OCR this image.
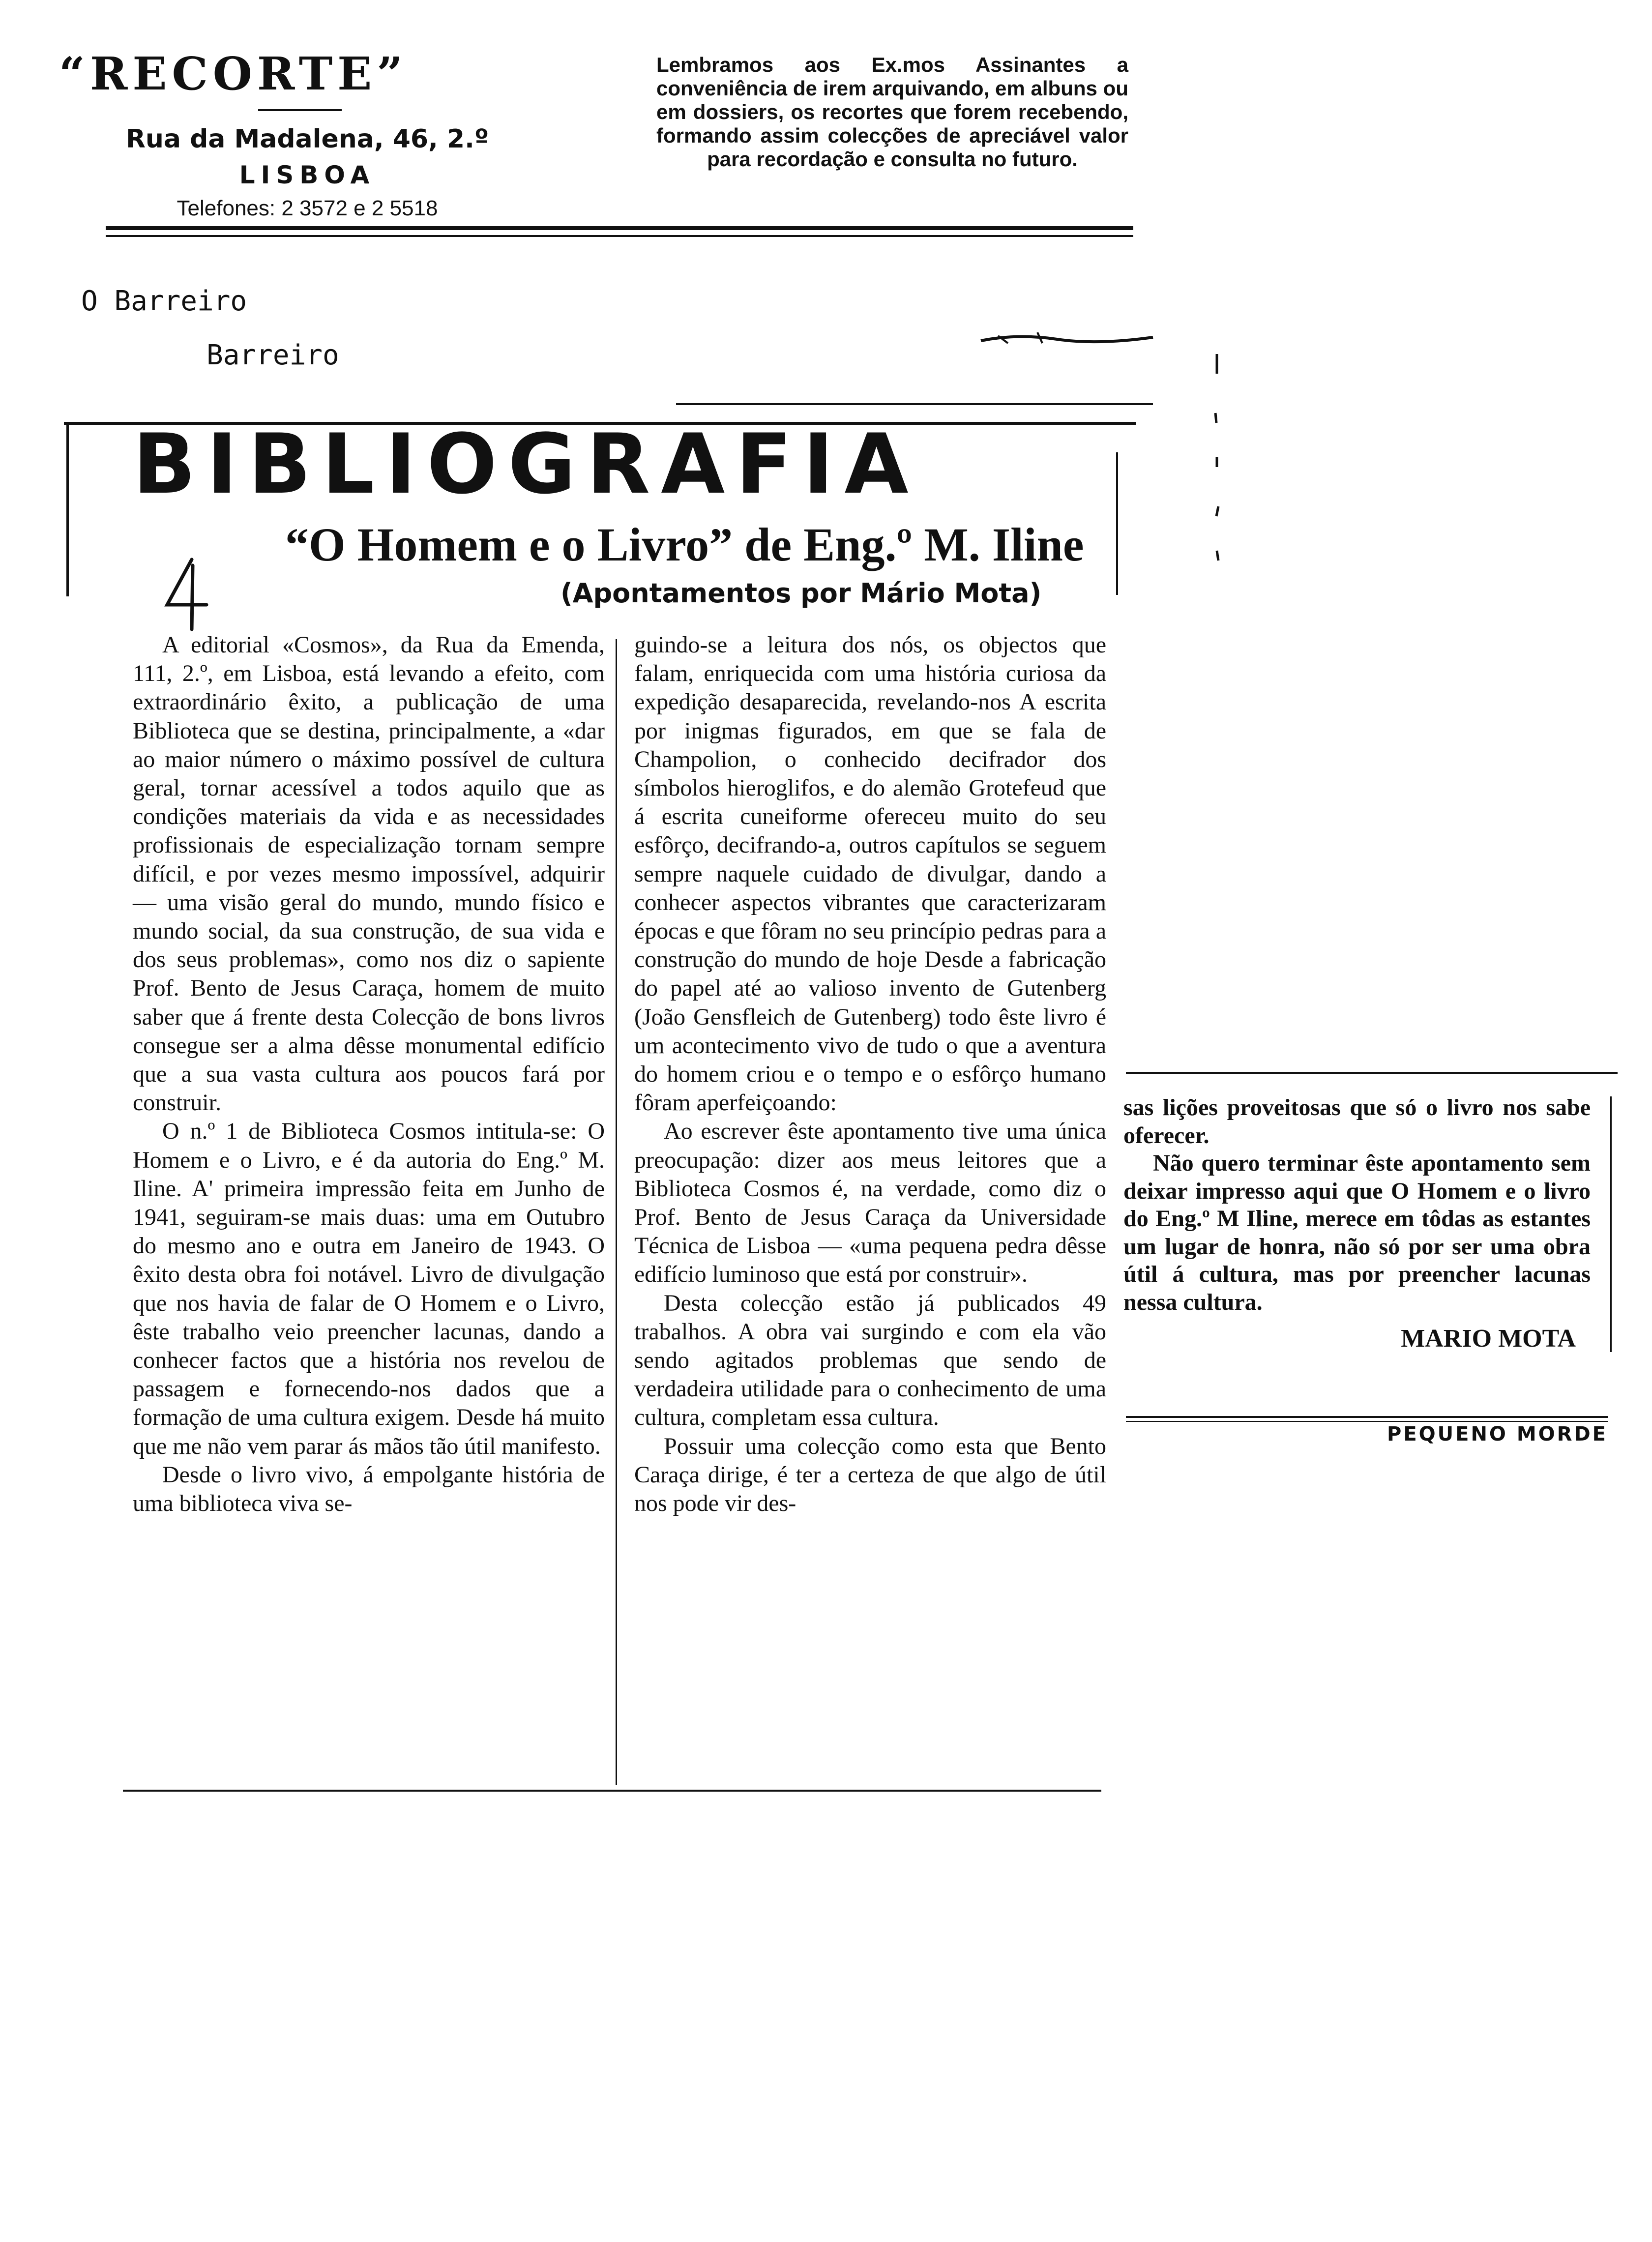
“RECORTE”
Rua da Madalena, 46, 2.º
LISBOA
Telefones: 2 3572 e 2 5518
Lembramos aos Ex.mos Assinantes a conveniência de irem arquivando, em albuns ou em dossiers, os recortes que forem recebendo, formando assim colecções de apreciável valor para recordação e consulta no futuro.
O Barreiro
Barreiro
BIBLIOGRAFIA
“O Homem e o Livro” de Eng.º M. Iline
(Apontamentos por Mário Mota)
4

A editorial «Cosmos», da Rua da Emenda, 111, 2.º, em Lisboa, está levando a efeito, com extraordinário êxito, a publicação de uma Biblioteca que se destina, principalmente, a «dar ao maior número o máximo possível de cultura geral, tornar acessível a todos aquilo que as condições materiais da vida e as necessidades profissionais de especialização tornam sempre difícil, e por vezes mesmo impossível, adquirir — uma visão geral do mundo, mundo físico e mundo social, da sua construção, de sua vida e dos seus problemas», como nos diz o sapiente Prof. Bento de Jesus Caraça, homem de muito saber que á frente desta Colecção de bons livros consegue ser a alma dêsse monumental edifício que a sua vasta cultura aos poucos fará por construir.

O n.º 1 de Biblioteca Cosmos intitula-se: O Homem e o Livro, e é da autoria do Eng.º M. Iline. A' primeira impressão feita em Junho de 1941, seguiram-se mais duas: uma em Outubro do mesmo ano e outra em Janeiro de 1943. O êxito desta obra foi notável. Livro de divulgação que nos havia de falar de O Homem e o Livro, êste trabalho veio preencher lacunas, dando a conhecer factos que a história nos revelou de passagem e fornecendo-nos dados que a formação de uma cultura exigem. Desde há muito que me não vem parar ás mãos tão útil manifesto.

Desde o livro vivo, á empolgante história de uma biblioteca viva se-

guindo-se a leitura dos nós, os objectos que falam, enriquecida com uma história curiosa da expedição desaparecida, revelando-nos A escrita por inigmas figurados, em que se fala de Champolion, o conhecido decifrador dos símbolos hieroglifos, e do alemão Grotefeud que á escrita cuneiforme ofereceu muito do seu esfôrço, decifrando-a, outros capítulos se seguem sempre naquele cuidado de divulgar, dando a conhecer aspectos vibrantes que caracterizaram épocas e que fôram no seu princípio pedras para a construção do mundo de hoje Desde a fabricação do papel até ao valioso invento de Gutenberg (João Gensfleich de Gutenberg) todo êste livro é um acontecimento vivo de tudo o que a aventura do homem criou e o tempo e o esfôrço humano fôram aperfeiçoando:

Ao escrever êste apontamento tive uma única preocupação: dizer aos meus leitores que a Biblioteca Cosmos é, na verdade, como diz o Prof. Bento de Jesus Caraça da Universidade Técnica de Lisboa — «uma pequena pedra dêsse edifício luminoso que está por construir».

Desta colecção estão já publicados 49 trabalhos. A obra vai surgindo e com ela vão sendo agitados problemas que sendo de verdadeira utilidade para o conhecimento de uma cultura, completam essa cultura.

Possuir uma colecção como esta que Bento Caraça dirige, é ter a certeza de que algo de útil nos pode vir des-

sas lições proveitosas que só o livro nos sabe oferecer.

Não quero terminar êste apontamento sem deixar impresso aqui que O Homem e o livro do Eng.º M Iline, merece em tôdas as estantes um lugar de honra, não só por ser uma obra útil á cultura, mas por preencher lacunas nessa cultura.

MARIO MOTA
PEQUENO MORDE
